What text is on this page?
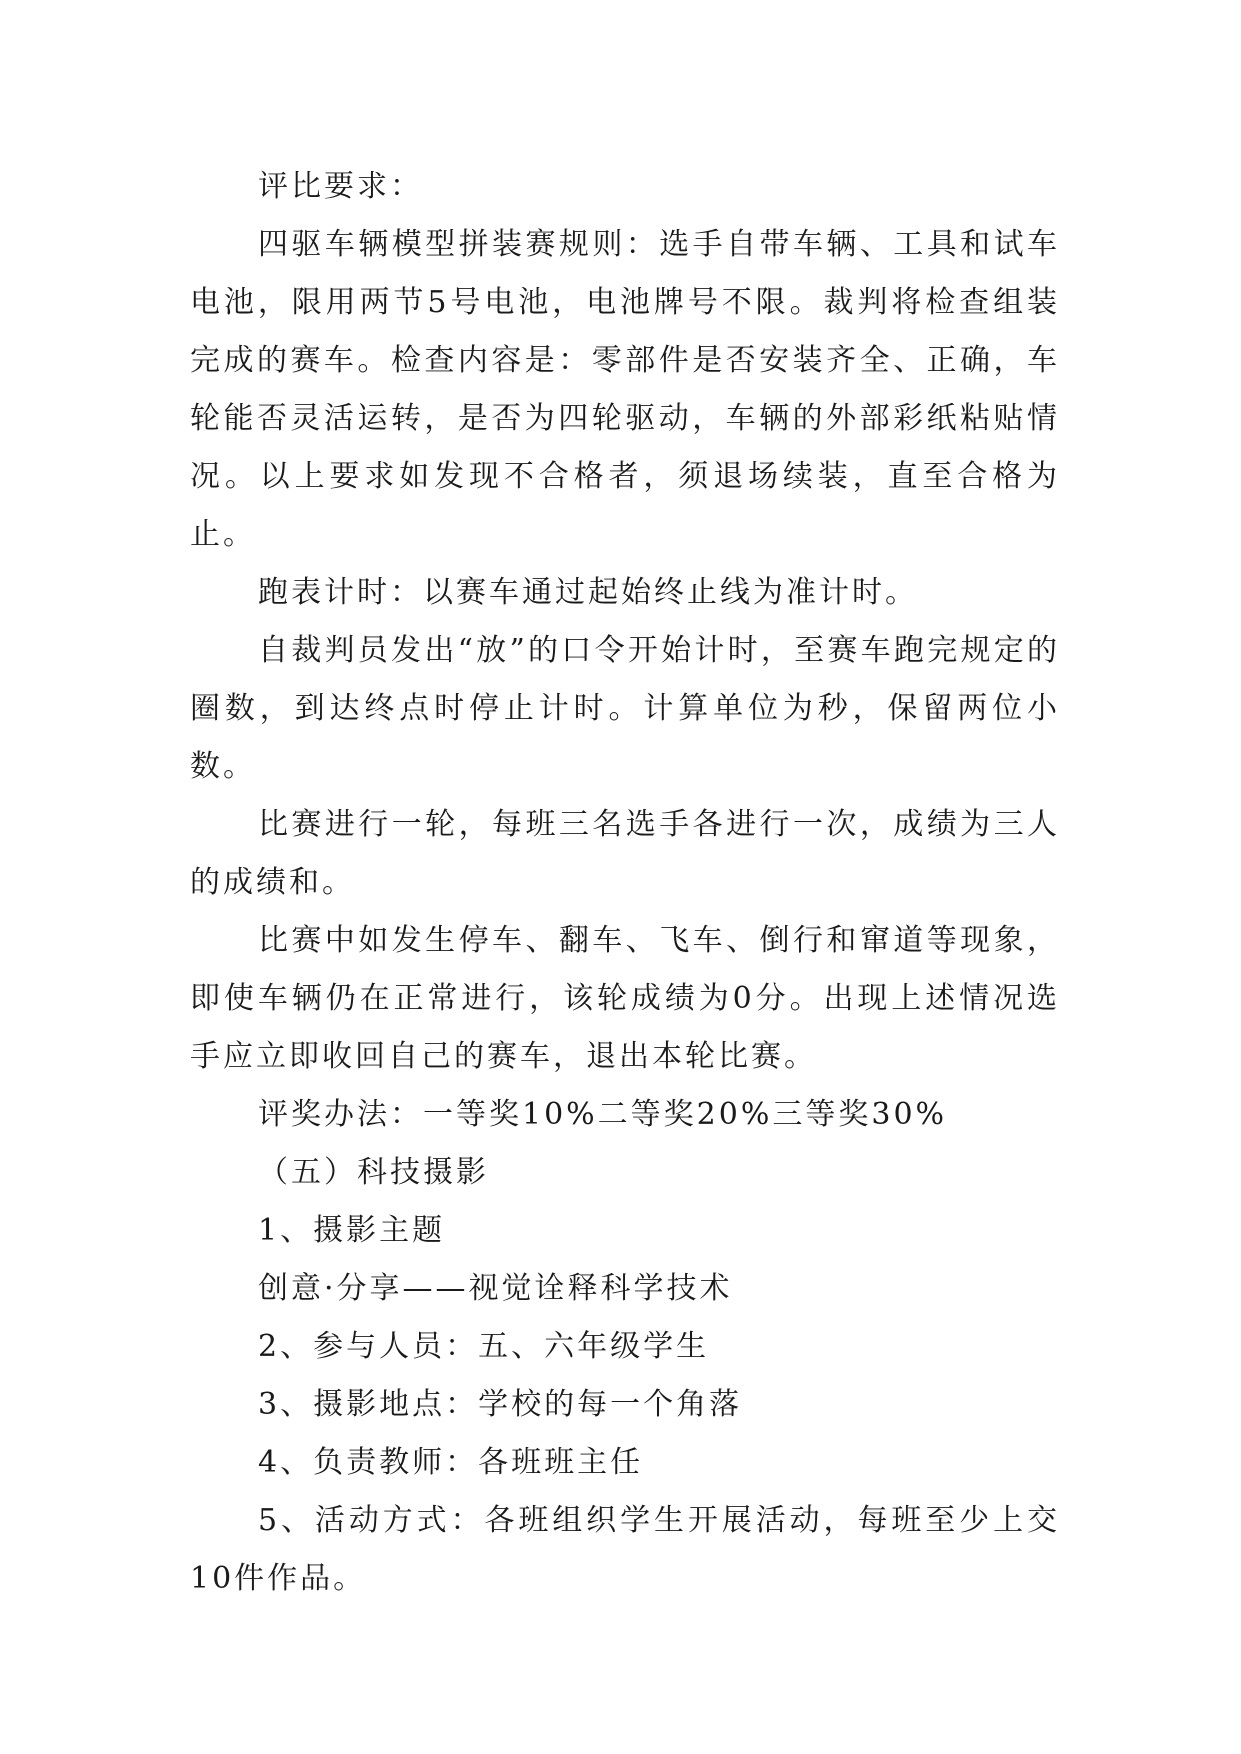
评比要求：

四驱车辆模型拼装赛规则：选手自带车辆、工具和试车电池，限用两节5号电池，电池牌号不限。裁判将检查组装完成的赛车。检查内容是：零部件是否安装齐全、正确，车轮能否灵活运转，是否为四轮驱动，车辆的外部彩纸粘贴情况。以上要求如发现不合格者，须退场续装，直至合格为止。

跑表计时：以赛车通过起始终止线为准计时。

自裁判员发出“放”的口令开始计时，至赛车跑完规定的圈数，到达终点时停止计时。计算单位为秒，保留两位小数。

比赛进行一轮，每班三名选手各进行一次，成绩为三人的成绩和。

比赛中如发生停车、翻车、飞车、倒行和窜道等现象，即使车辆仍在正常进行，该轮成绩为0分。出现上述情况选手应立即收回自己的赛车，退出本轮比赛。

评奖办法：一等奖10%二等奖20%三等奖30%

（五）科技摄影

1、摄影主题

创意·分享——视觉诠释科学技术

2、参与人员：五、六年级学生

3、摄影地点：学校的每一个角落

4、负责教师：各班班主任

5、活动方式：各班组织学生开展活动，每班至少上交10件作品。
